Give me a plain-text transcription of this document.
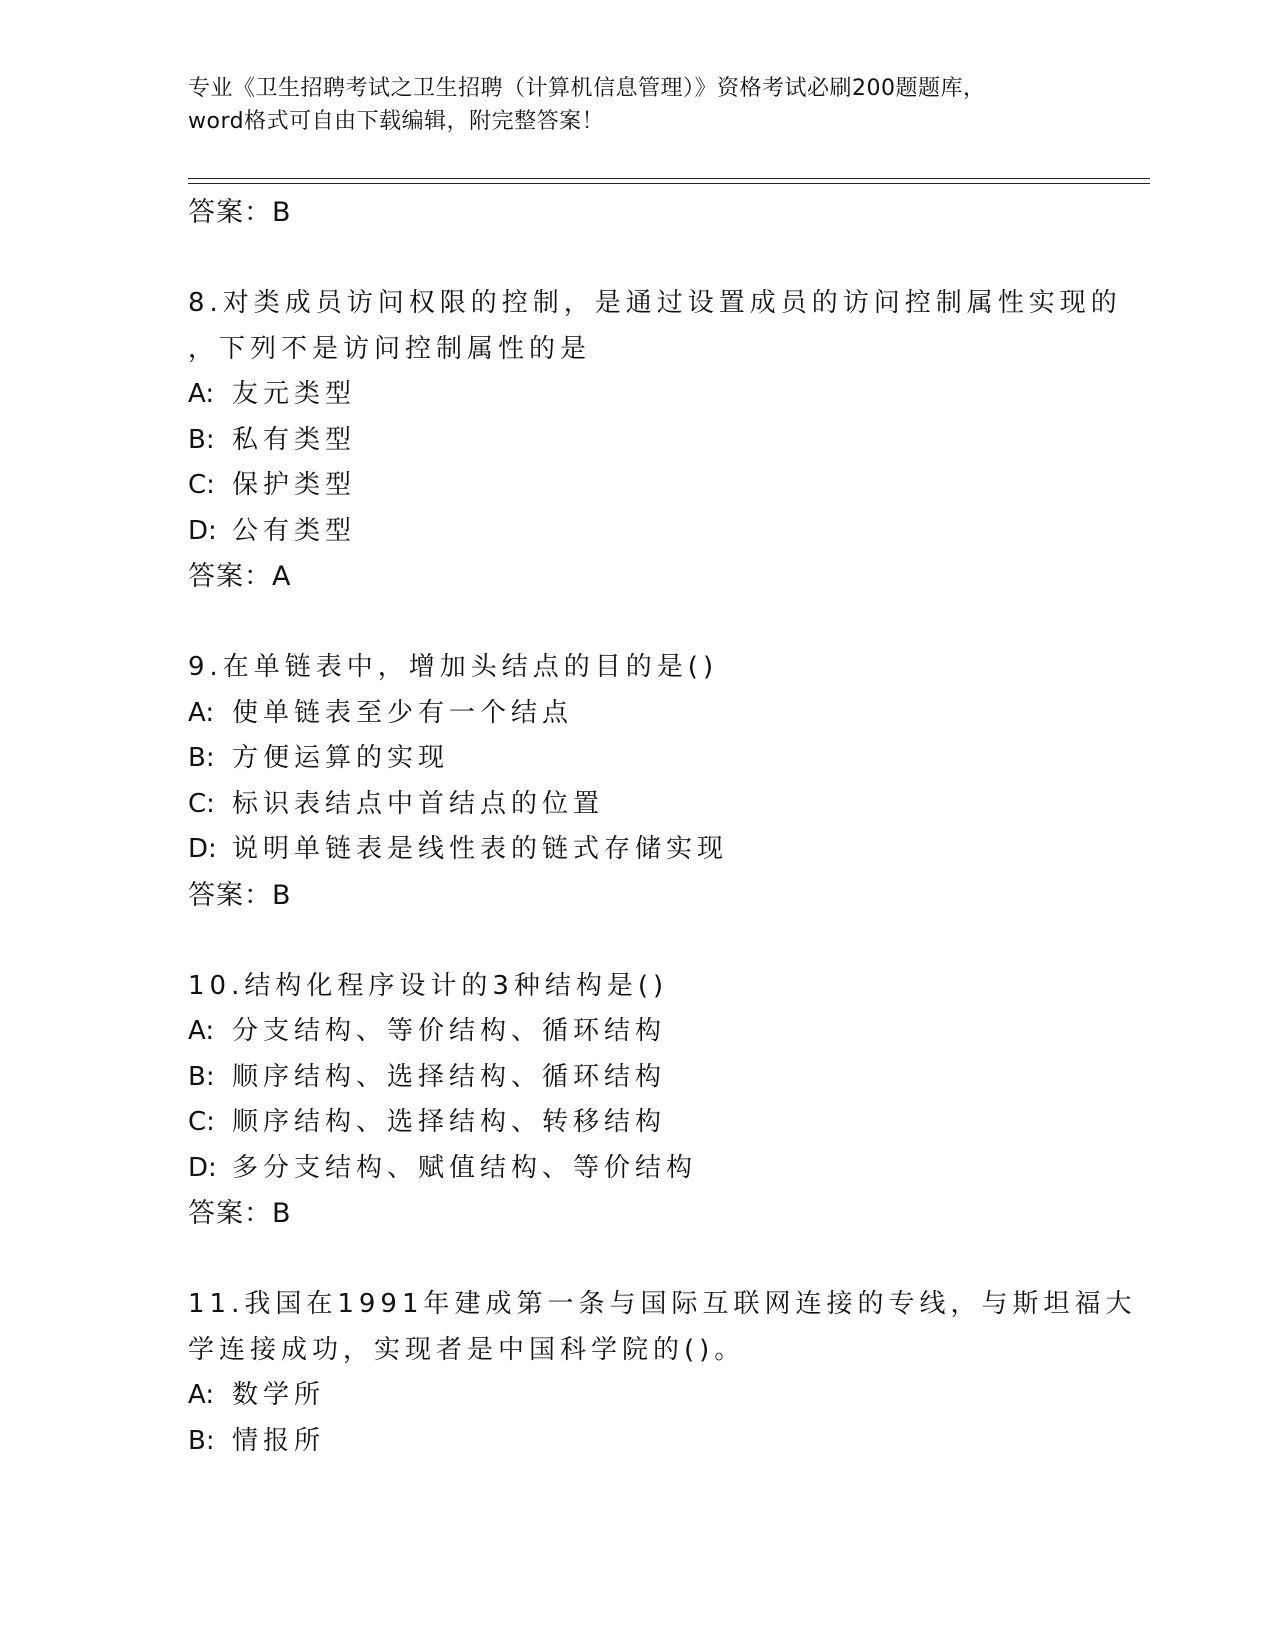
专业《卫生招聘考试之卫生招聘（计算机信息管理）》资格考试必刷200题题库，
word格式可自由下载编辑，附完整答案！
答案：B
8.对类成员访问权限的控制，是通过设置成员的访问控制属性实现的
，下列不是访问控制属性的是
A: 友元类型
B: 私有类型
C: 保护类型
D: 公有类型
答案：A
9.在单链表中，增加头结点的目的是()
A: 使单链表至少有一个结点
B: 方便运算的实现
C: 标识表结点中首结点的位置
D: 说明单链表是线性表的链式存储实现
答案：B
10.结构化程序设计的3种结构是()
A: 分支结构、等价结构、循环结构
B: 顺序结构、选择结构、循环结构
C: 顺序结构、选择结构、转移结构
D: 多分支结构、赋值结构、等价结构
答案：B
11.我国在1991年建成第一条与国际互联网连接的专线，与斯坦福大
学连接成功，实现者是中国科学院的()。
A: 数学所
B: 情报所
